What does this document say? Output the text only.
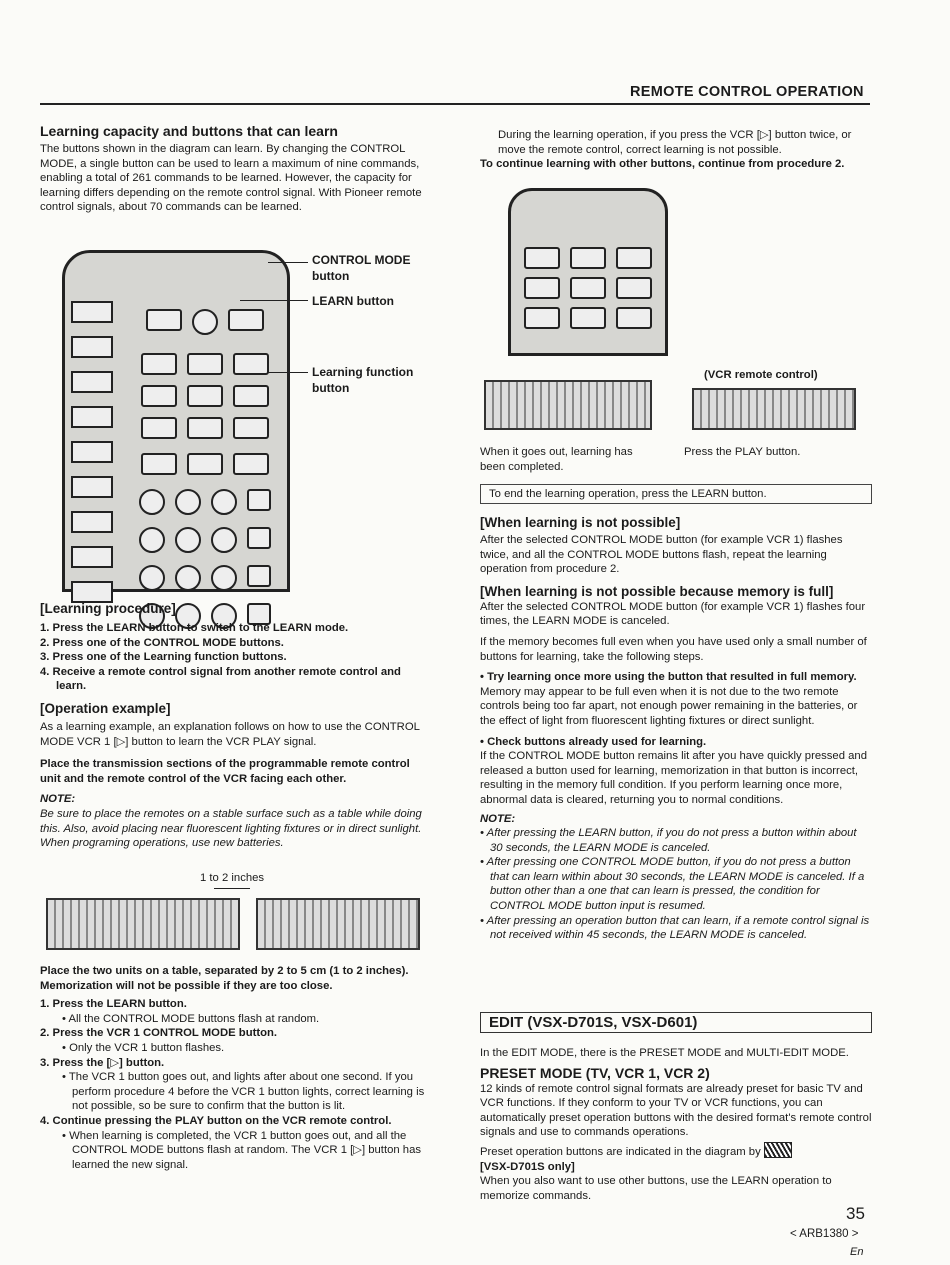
REMOTE CONTROL OPERATION
Learning capacity and buttons that can learn

The buttons shown in the diagram can learn. By changing the CONTROL MODE, a single button can be used to learn a maximum of nine commands, enabling a total of 261 commands to be learned. However, the capacity for learning differs depending on the remote control signal. With Pioneer remote control signals, about 70 commands can be learned.

CONTROL MODE button
LEARN button
Learning function button
[Learning procedure]
1. Press the LEARN button to switch to the LEARN mode.
2. Press one of the CONTROL MODE buttons.
3. Press one of the Learning function buttons.
4. Receive a remote control signal from another remote control and learn.
[Operation example]

As a learning example, an explanation follows on how to use the CONTROL MODE VCR 1 [▷] button to learn the VCR PLAY signal.

Place the transmission sections of the programmable remote control unit and the remote control of the VCR facing each other.

NOTE:

Be sure to place the remotes on a stable surface such as a table while doing this. Also, avoid placing near fluorescent lighting fixtures or in direct sunlight. When programing operations, use new batteries.

1 to 2 inches

Place the two units on a table, separated by 2 to 5 cm (1 to 2 inches). Memorization will not be possible if they are too close.

1. Press the LEARN button.
• All the CONTROL MODE buttons flash at random.
2. Press the VCR 1 CONTROL MODE button.
• Only the VCR 1 button flashes.
3. Press the [▷] button.
• The VCR 1 button goes out, and lights after about one second. If you perform procedure 4 before the VCR 1 button lights, correct learning is not possible, so be sure to confirm that the button is lit.
4. Continue pressing the PLAY button on the VCR remote control.
• When learning is completed, the VCR 1 button goes out, and all the CONTROL MODE buttons flash at random. The VCR 1 [▷] button has learned the new signal.

During the learning operation, if you press the VCR [▷] button twice, or move the remote control, correct learning is not possible.

To continue learning with other buttons, continue from procedure 2.

(VCR remote control)
When it goes out, learning has been completed.
Press the PLAY button.
To end the learning operation, press the LEARN button.
[When learning is not possible]

After the selected CONTROL MODE button (for example VCR 1) flashes twice, and all the CONTROL MODE buttons flash, repeat the learning operation from procedure 2.

[When learning is not possible because memory is full]

After the selected CONTROL MODE button (for example VCR 1) flashes four times, the LEARN MODE is canceled.

If the memory becomes full even when you have used only a small number of buttons for learning, take the following steps.

• Try learning once more using the button that resulted in full memory.

Memory may appear to be full even when it is not due to the two remote controls being too far apart, not enough power remaining in the batteries, or the effect of light from fluorescent lighting fixtures or direct sunlight.

• Check buttons already used for learning.

If the CONTROL MODE button remains lit after you have quickly pressed and released a button used for learning, memorization in that button is incorrect, resulting in the memory full condition. If you perform learning once more, abnormal data is cleared, returning you to normal conditions.

NOTE:

• After pressing the LEARN button, if you do not press a button within about 30 seconds, the LEARN MODE is canceled.

• After pressing one CONTROL MODE button, if you do not press a button that can learn within about 30 seconds, the LEARN MODE is canceled. If a button other than a one that can learn is pressed, the condition for CONTROL MODE button input is resumed.

• After pressing an operation button that can learn, if a remote control signal is not received within 45 seconds, the LEARN MODE is canceled.

EDIT (VSX-D701S, VSX-D601)

In the EDIT MODE, there is the PRESET MODE and MULTI-EDIT MODE.

PRESET MODE (TV, VCR 1, VCR 2)

12 kinds of remote control signal formats are already preset for basic TV and VCR functions. If they conform to your TV or VCR functions, you can automatically preset operation buttons with the desired format's remote control signals and use to commands operations.

Preset operation buttons are indicated in the diagram by

[VSX-D701S only]

When you also want to use other buttons, use the LEARN operation to memorize commands.

35
< ARB1380 >
En
